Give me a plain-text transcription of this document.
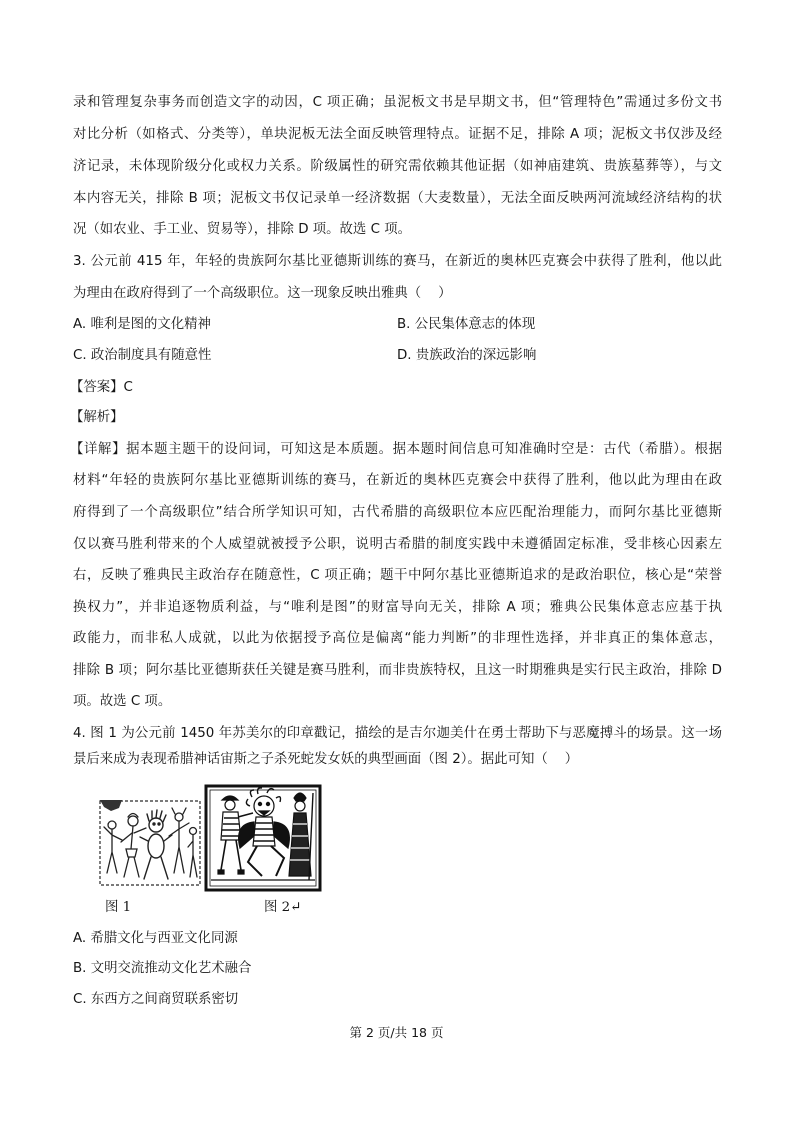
录和管理复杂事务而创造文字的动因，C 项正确；虽泥板文书是早期文书，但“管理特色”需通过多份文书
对比分析（如格式、分类等），单块泥板无法全面反映管理特点。证据不足，排除 A 项；泥板文书仅涉及经
济记录，未体现阶级分化或权力关系。阶级属性的研究需依赖其他证据（如神庙建筑、贵族墓葬等），与文
本内容无关，排除 B 项；泥板文书仅记录单一经济数据（大麦数量），无法全面反映两河流域经济结构的状
况（如农业、手工业、贸易等），排除 D 项。故选 C 项。
3. 公元前 415 年，年轻的贵族阿尔基比亚德斯训练的赛马，在新近的奥林匹克赛会中获得了胜利，他以此
为理由在政府得到了一个高级职位。这一现象反映出雅典（    ）
A. 唯利是图的文化精神	B. 公民集体意志的体现
C. 政治制度具有随意性	D. 贵族政治的深远影响
【答案】C
【解析】
【详解】据本题主题干的设问词，可知这是本质题。据本题时间信息可知准确时空是：古代（希腊）。根据
材料“年轻的贵族阿尔基比亚德斯训练的赛马，在新近的奥林匹克赛会中获得了胜利，他以此为理由在政
府得到了一个高级职位”结合所学知识可知，古代希腊的高级职位本应匹配治理能力，而阿尔基比亚德斯
仅以赛马胜利带来的个人威望就被授予公职，说明古希腊的制度实践中未遵循固定标准，受非核心因素左
右，反映了雅典民主政治存在随意性，C 项正确；题干中阿尔基比亚德斯追求的是政治职位，核心是“荣誉
换权力”，并非追逐物质利益，与“唯利是图”的财富导向无关，排除 A 项；雅典公民集体意志应基于执
政能力，而非私人成就，以此为依据授予高位是偏离“能力判断”的非理性选择，并非真正的集体意志，
排除 B 项；阿尔基比亚德斯获任关键是赛马胜利，而非贵族特权，且这一时期雅典是实行民主政治，排除 D
项。故选 C 项。
4. 图 1 为公元前 1450 年苏美尔的印章戳记，描绘的是吉尔迦美什在勇士帮助下与恶魔搏斗的场景。这一场
景后来成为表现希腊神话宙斯之子杀死蛇发女妖的典型画面（图 2）。据此可知（    ）
图 1	图 2↵
A. 希腊文化与西亚文化同源
B. 文明交流推动文化艺术融合
C. 东西方之间商贸联系密切
第 2 页/共 18 页
